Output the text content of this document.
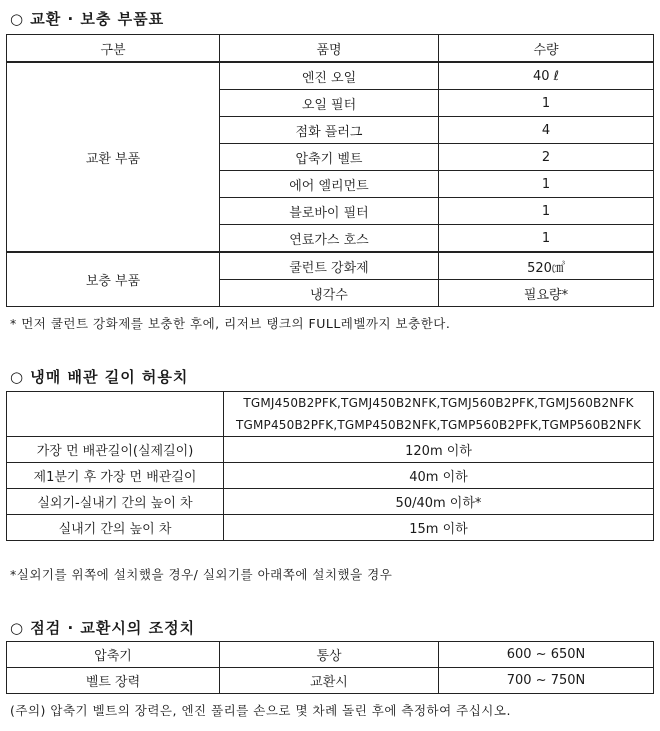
○ 교환 · 보충 부품표
구분	품명	수량
교환 부품	엔진 오일	40 ℓ
	오일 필터	1
	점화 플러그	4
	압축기 벨트	2
	에어 엘리먼트	1
	블로바이 필터	1
	연료가스 호스	1
보충 부품	쿨런트 강화제	520㎤
	냉각수	필요량*
* 먼저 쿨런트 강화제를 보충한 후에, 리저브 탱크의 FULL레벨까지 보충한다.
○ 냉매 배관 길이 허용치
	TGMJ450B2PFK,TGMJ450B2NFK,TGMJ560B2PFK,TGMJ560B2NFK
	TGMP450B2PFK,TGMP450B2NFK,TGMP560B2PFK,TGMP560B2NFK
가장 먼 배관길이(실제길이)	120m 이하
제1분기 후 가장 먼 배관길이	40m 이하
실외기-실내기 간의 높이 차	50/40m 이하*
실내기 간의 높이 차	15m 이하
*실외기를 위쪽에 설치했을 경우/ 실외기를 아래쪽에 설치했을 경우
○ 점검 · 교환시의 조정치
압축기	통상	600 ~ 650N
벨트 장력	교환시	700 ~ 750N
(주의) 압축기 벨트의 장력은, 엔진 풀리를 손으로 몇 차례 돌린 후에 측정하여 주십시오.
